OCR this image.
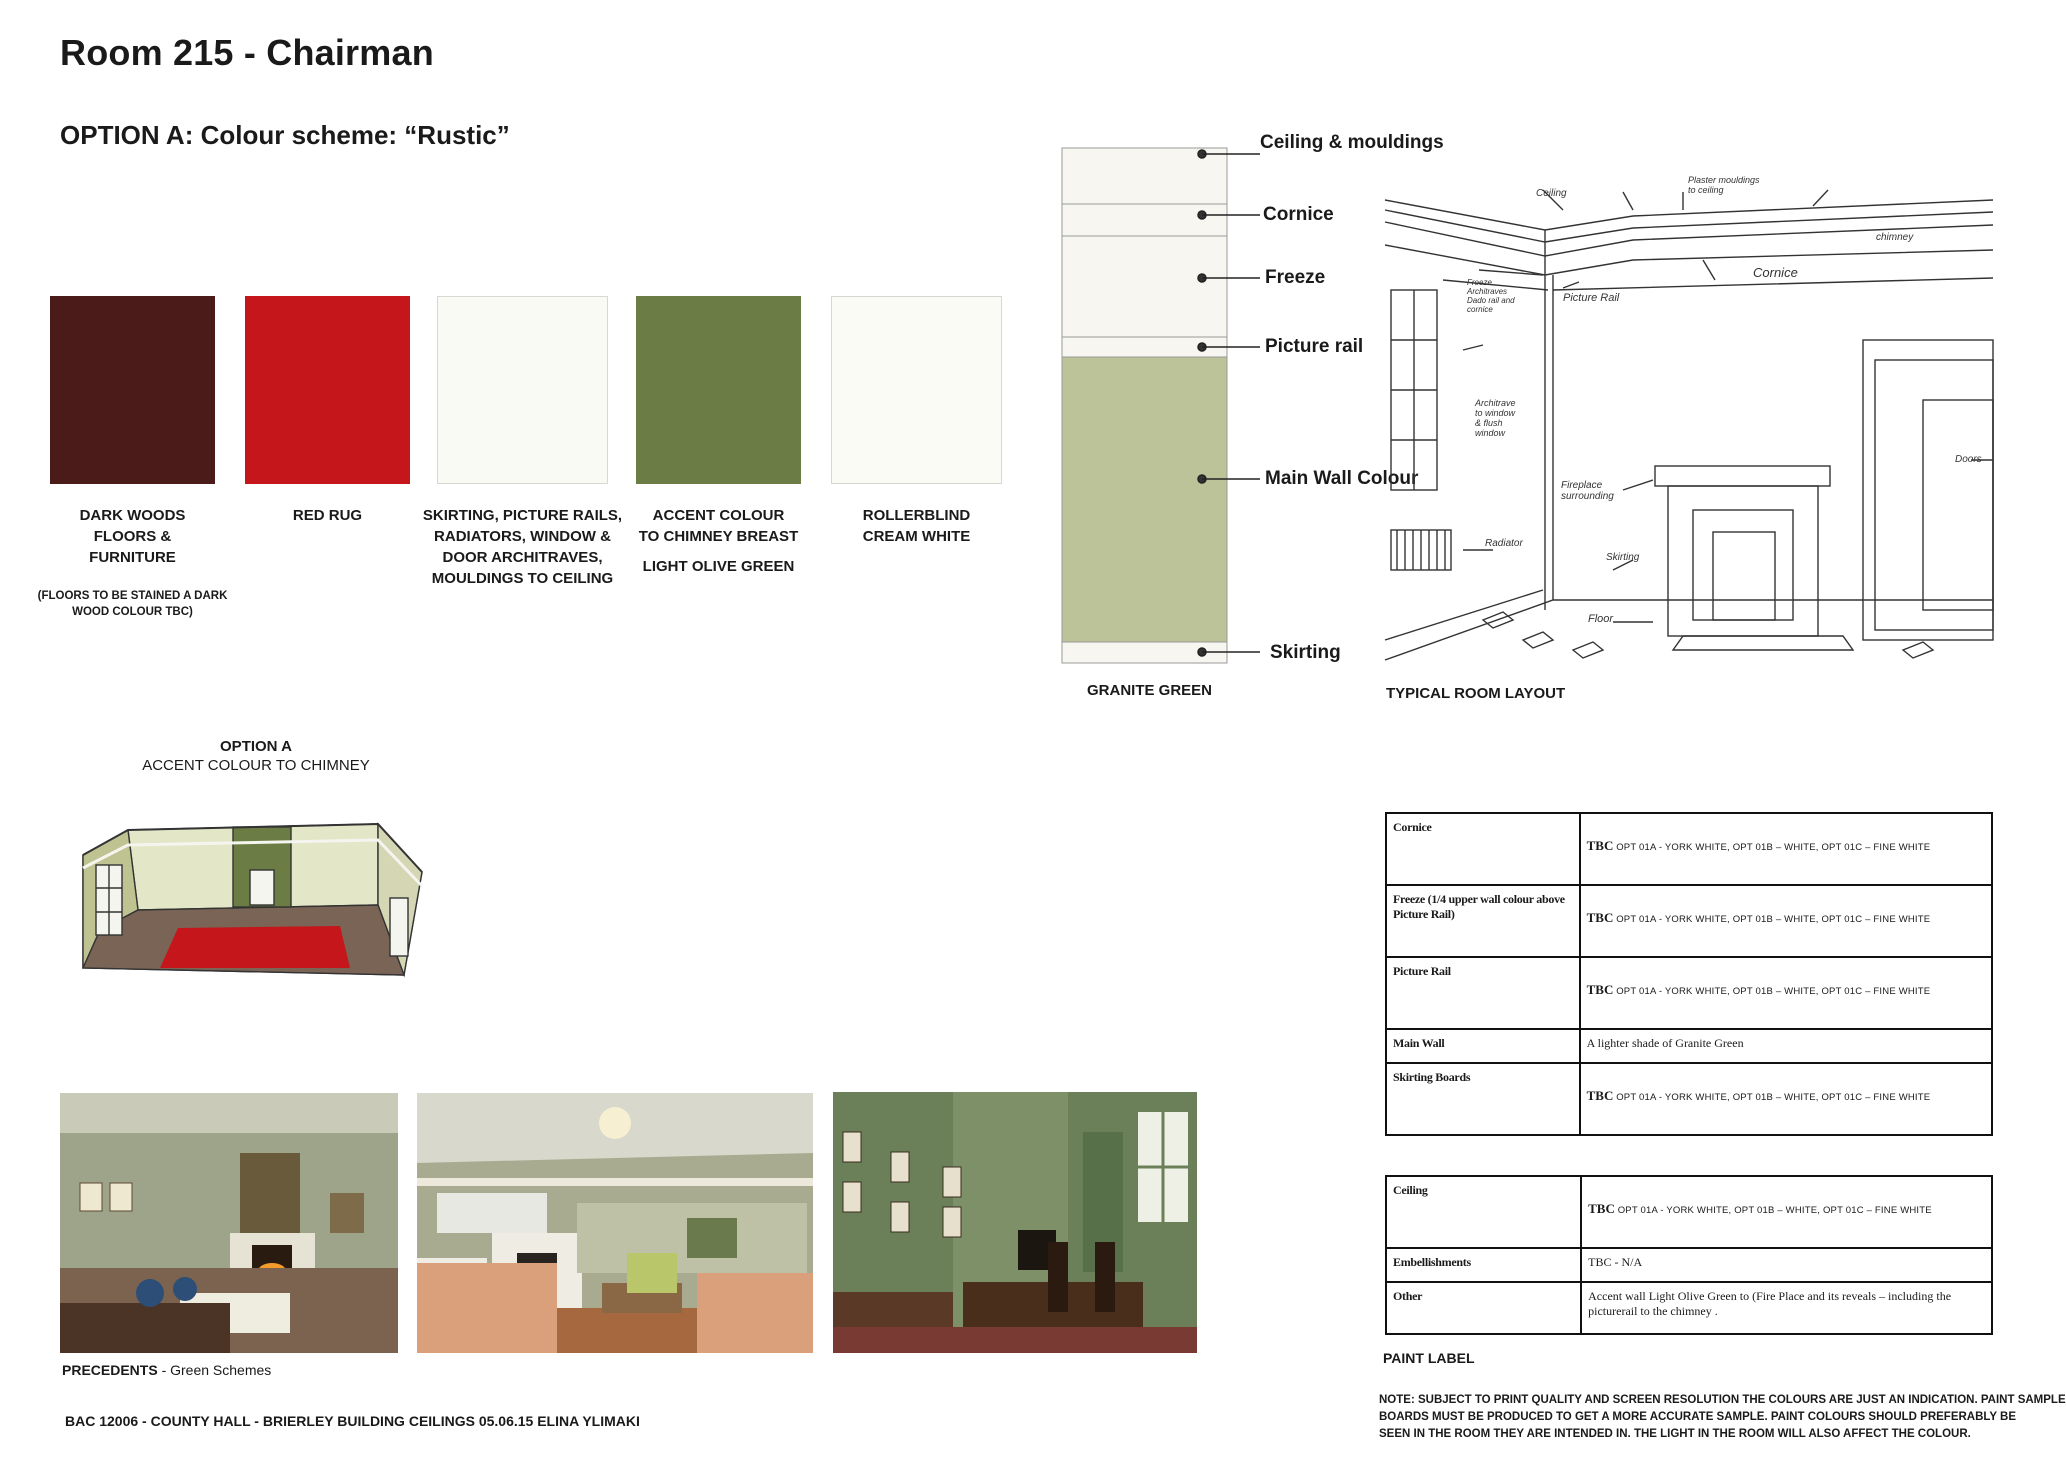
Room 215 - Chairman
OPTION A: Colour scheme: “Rustic”
DARK WOODS
FLOORS &
FURNITURE
(FLOORS TO BE STAINED A DARK
WOOD COLOUR TBC)
RED RUG	SKIRTING, PICTURE RAILS,
RADIATORS, WINDOW &
DOOR ARCHITRAVES,
MOULDINGS TO CEILING
ACCENT COLOUR
TO CHIMNEY BREAST
LIGHT OLIVE GREEN
ROLLERBLIND
CREAM WHITE
Ceiling & mouldings
Cornice
Freeze
Picture rail
Main Wall Colour
Skirting
GRANITE GREEN
Ceiling
Plaster mouldings
to ceiling
chimney
Cornice
Freeze
Architraves
Dado rail and
cornice
Picture Rail
Architrave
to window
& flush
window
Fireplace
surrounding
Radiator
Skirting
Floor
Doors
TYPICAL ROOM LAYOUT
OPTION A
ACCENT COLOUR TO CHIMNEY
PRECEDENTS - Green Schemes
BAC 12006 - COUNTY HALL - BRIERLEY BUILDING CEILINGS 05.06.15 ELINA YLIMAKI
Cornice	TBC OPT 01A - YORK WHITE, OPT 01B – WHITE, OPT 01C – FINE WHITE
Freeze (1/4 upper wall colour above Picture Rail)	TBC OPT 01A - YORK WHITE, OPT 01B – WHITE, OPT 01C – FINE WHITE
Picture Rail	TBC OPT 01A - YORK WHITE, OPT 01B – WHITE, OPT 01C – FINE WHITE
Main Wall	A lighter shade of Granite Green
Skirting Boards	TBC OPT 01A - YORK WHITE, OPT 01B – WHITE, OPT 01C – FINE WHITE
Ceiling	TBC OPT 01A - YORK WHITE, OPT 01B – WHITE, OPT 01C – FINE WHITE
Embellishments	TBC - N/A
Other	Accent wall Light Olive Green to (Fire Place and its reveals – including the picturerail to the chimney .
PAINT LABEL
NOTE: SUBJECT TO PRINT QUALITY AND SCREEN RESOLUTION THE COLOURS ARE JUST AN INDICATION. PAINT SAMPLE
BOARDS MUST BE PRODUCED TO GET A MORE ACCURATE SAMPLE. PAINT COLOURS SHOULD PREFERABLY BE
SEEN IN THE ROOM THEY ARE INTENDED IN. THE LIGHT IN THE ROOM WILL ALSO AFFECT THE COLOUR.
